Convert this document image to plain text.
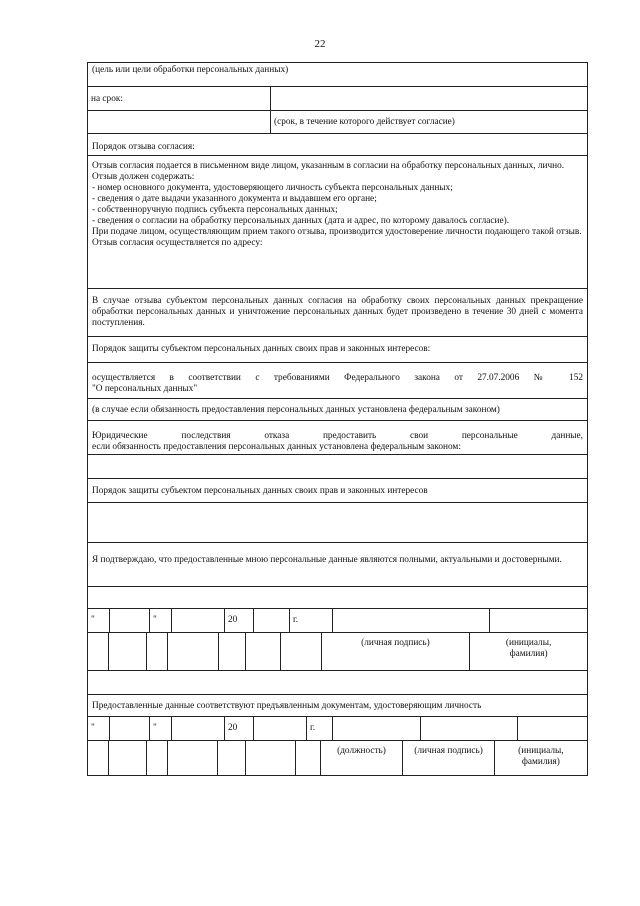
22
(цель или цели обработки персональных данных)
на срок:
(срок, в течение которого действует согласие)
Порядок отзыва согласия:
Отзыв согласия подается в письменном виде лицом, указанным в согласии на обработку персональных данных, лично.
Отзыв должен содержать:
- номер основного документа, удостоверяющего личность субъекта персональных данных;
- сведения о дате выдачи указанного документа и выдавшем его органе;
- собственноручную подпись субъекта персональных данных;
- сведения о согласии на обработку персональных данных (дата и адрес, по которому давалось согласие).
При подаче лицом, осуществляющим прием такого отзыва, производится удостоверение личности подающего такой отзыв.
Отзыв согласия осуществляется по адресу:
В случае отзыва субъектом персональных данных согласия на обработку своих персональных данных прекращение обработки персональных данных и уничтожение персональных данных будет произведено в течение 30 дней с момента поступления.
Порядок защиты субъектом персональных данных своих прав и законных интересов:
осуществляется в соответствии с требованиями Федерального закона от 27.07.2006 № 152
"О персональных данных"
(в случае если обязанность предоставления персональных данных установлена федеральным законом)
Юридические последствия отказа предоставить свои персональные данные,
если обязанность предоставления персональных данных установлена федеральным законом:
Порядок защиты субъектом персональных данных своих прав и законных интересов
Я подтверждаю, что предоставленные мною персональные данные являются полными, актуальными и достоверными.
"	"	20	г.
(личная подпись)	(инициалы, фамилия)
Предоставленные данные соответствуют предъявленным документам, удостоверяющим личность
"	"	20	г.
(должность)	(личная подпись)	(инициалы, фамилия)
